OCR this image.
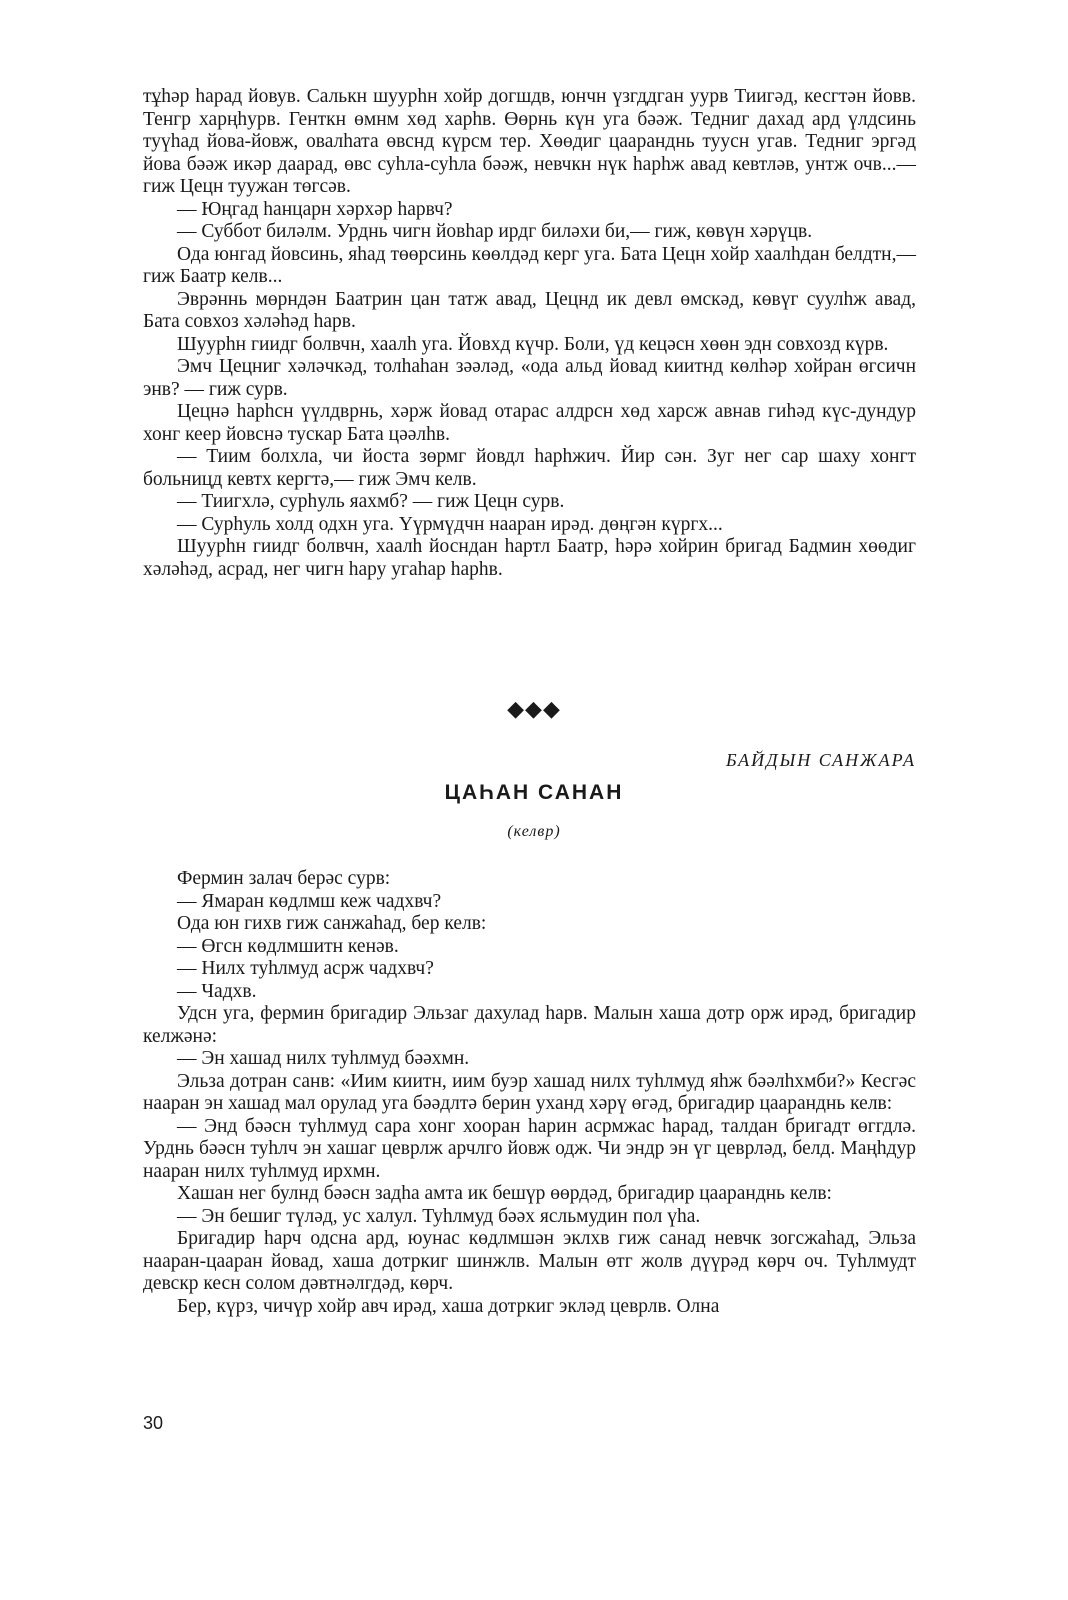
тұһәр һарад йовув. Салькн шуурһн хойр догшдв, юнчн үзгддган уурв Тиигәд, кесгтән йовв. Тенгр харңһурв. Генткн өмнм хөд харһв. Өөрнь күн уга бәәж. Тедниг дахад ард үлдсинь туүһад йова-йовж, овалһата өвснд күрсм тер. Хөөдиг цааранднь туусн угав. Тедниг эргәд йова бәәж икәр даарад, өвс суһла-суһла бәәж, невчкн нүк һарһж авад кевтләв, унтж очв...— гиж Цецн туужан төгсәв.

— Юңгад һанцарн хәрхәр һарвч?

— Суббот биләлм. Урднь чигн йовһар ирдг биләхи би,— гиж, көвүн хәрүцв.

Ода юнгад йовсинь, яһад төөрсинь көөлдәд керг уга. Бата Цецн хойр хаалһдан белдтн,— гиж Баатр келв...

Эврәннь мөрндән Баатрин цан татж авад, Цецнд ик девл өмскәд, көвүг суулһж авад, Бата совхоз хәләһәд һарв.

Шуурһн гиидг болвчн, хаалһ уга. Йовхд күчр. Боли, үд кецәсн хөөн эдн совхозд күрв.

Эмч Цецниг хәләчкәд, толһаһан зәәләд, «ода альд йовад киитнд көлһәр хойран өгсичн энв? — гиж сурв.

Цецнә һарһсн үүлдврнь, хәрж йовад отарас алдрсн хөд харсж авнав гиһәд күс-дундур хонг кеер йовснә тускар Бата цәәлһв.

— Тиим болхла, чи йоста зөрмг йовдл һарһжич. Йир сән. Зуг нег сар шаху хонгт больницд кевтх кергтә,— гиж Эмч келв.

— Тиигхлә, сурһуль яахмб? — гиж Цецн сурв.

— Сурһуль холд одхн уга. Үүрмүдчн нааран ирәд. дөңгән күргх...

Шуурһн гиидг болвчн, хаалһ йосндан һартл Баатр, һәрә хойрин бригад Бадмин хөөдиг хәләһәд, асрад, нег чигн һару угаһар һарһв.

◆◆◆
БАЙДЫН САНЖАРА
ЦАҺАН САНАН
(келвр)

Фермин залач берәс сурв:

— Ямаран көдлмш кеж чадхвч?

Ода юн гихв гиж санжаһад, бер келв:

— Өгсн көдлмшитн кенәв.

— Нилх туһлмуд асрж чадхвч?

— Чадхв.

Удсн уга, фермин бригадир Эльзаг дахулад һарв. Малын хаша дотр орж ирәд, бригадир келжәнә:

— Эн хашад нилх туһлмуд бәәхмн.

Эльза дотран санв: «Иим киитн, иим буэр хашад нилх туһлмуд яһж бәәлһхмби?» Кесгәс нааран эн хашад мал орулад уга бәәдлтә берин уханд хәрү өгәд, бригадир цааранднь келв:

— Энд бәәсн туһлмуд сара хонг хооран һарин асрмжас һарад, талдан бригадт өггдлә. Урднь бәәсн туһлч эн хашаг цеврлж арчлго йовж одж. Чи эндр эн үг цеврләд, белд. Маңһдур нааран нилх туһлмуд ирхмн.

Хашан нег булнд бәәсн задһа амта ик бешүр өөрдәд, бригадир цааранднь келв:

— Эн бешиг түләд, ус халул. Туһлмуд бәәх ясльмудин пол үһа.

Бригадир һарч одсна ард, юунас көдлмшән эклхв гиж санад невчк зогсжаһад, Эльза нааран-цааран йовад, хаша дотркиг шинжлв. Малын өтг жолв дүүрәд көрч оч. Туһлмудт девскр кесн солом дәвтнәлгдәд, көрч.

Бер, күрз, чичүр хойр авч ирәд, хаша дотркиг экләд цеврлв. Олна

30
